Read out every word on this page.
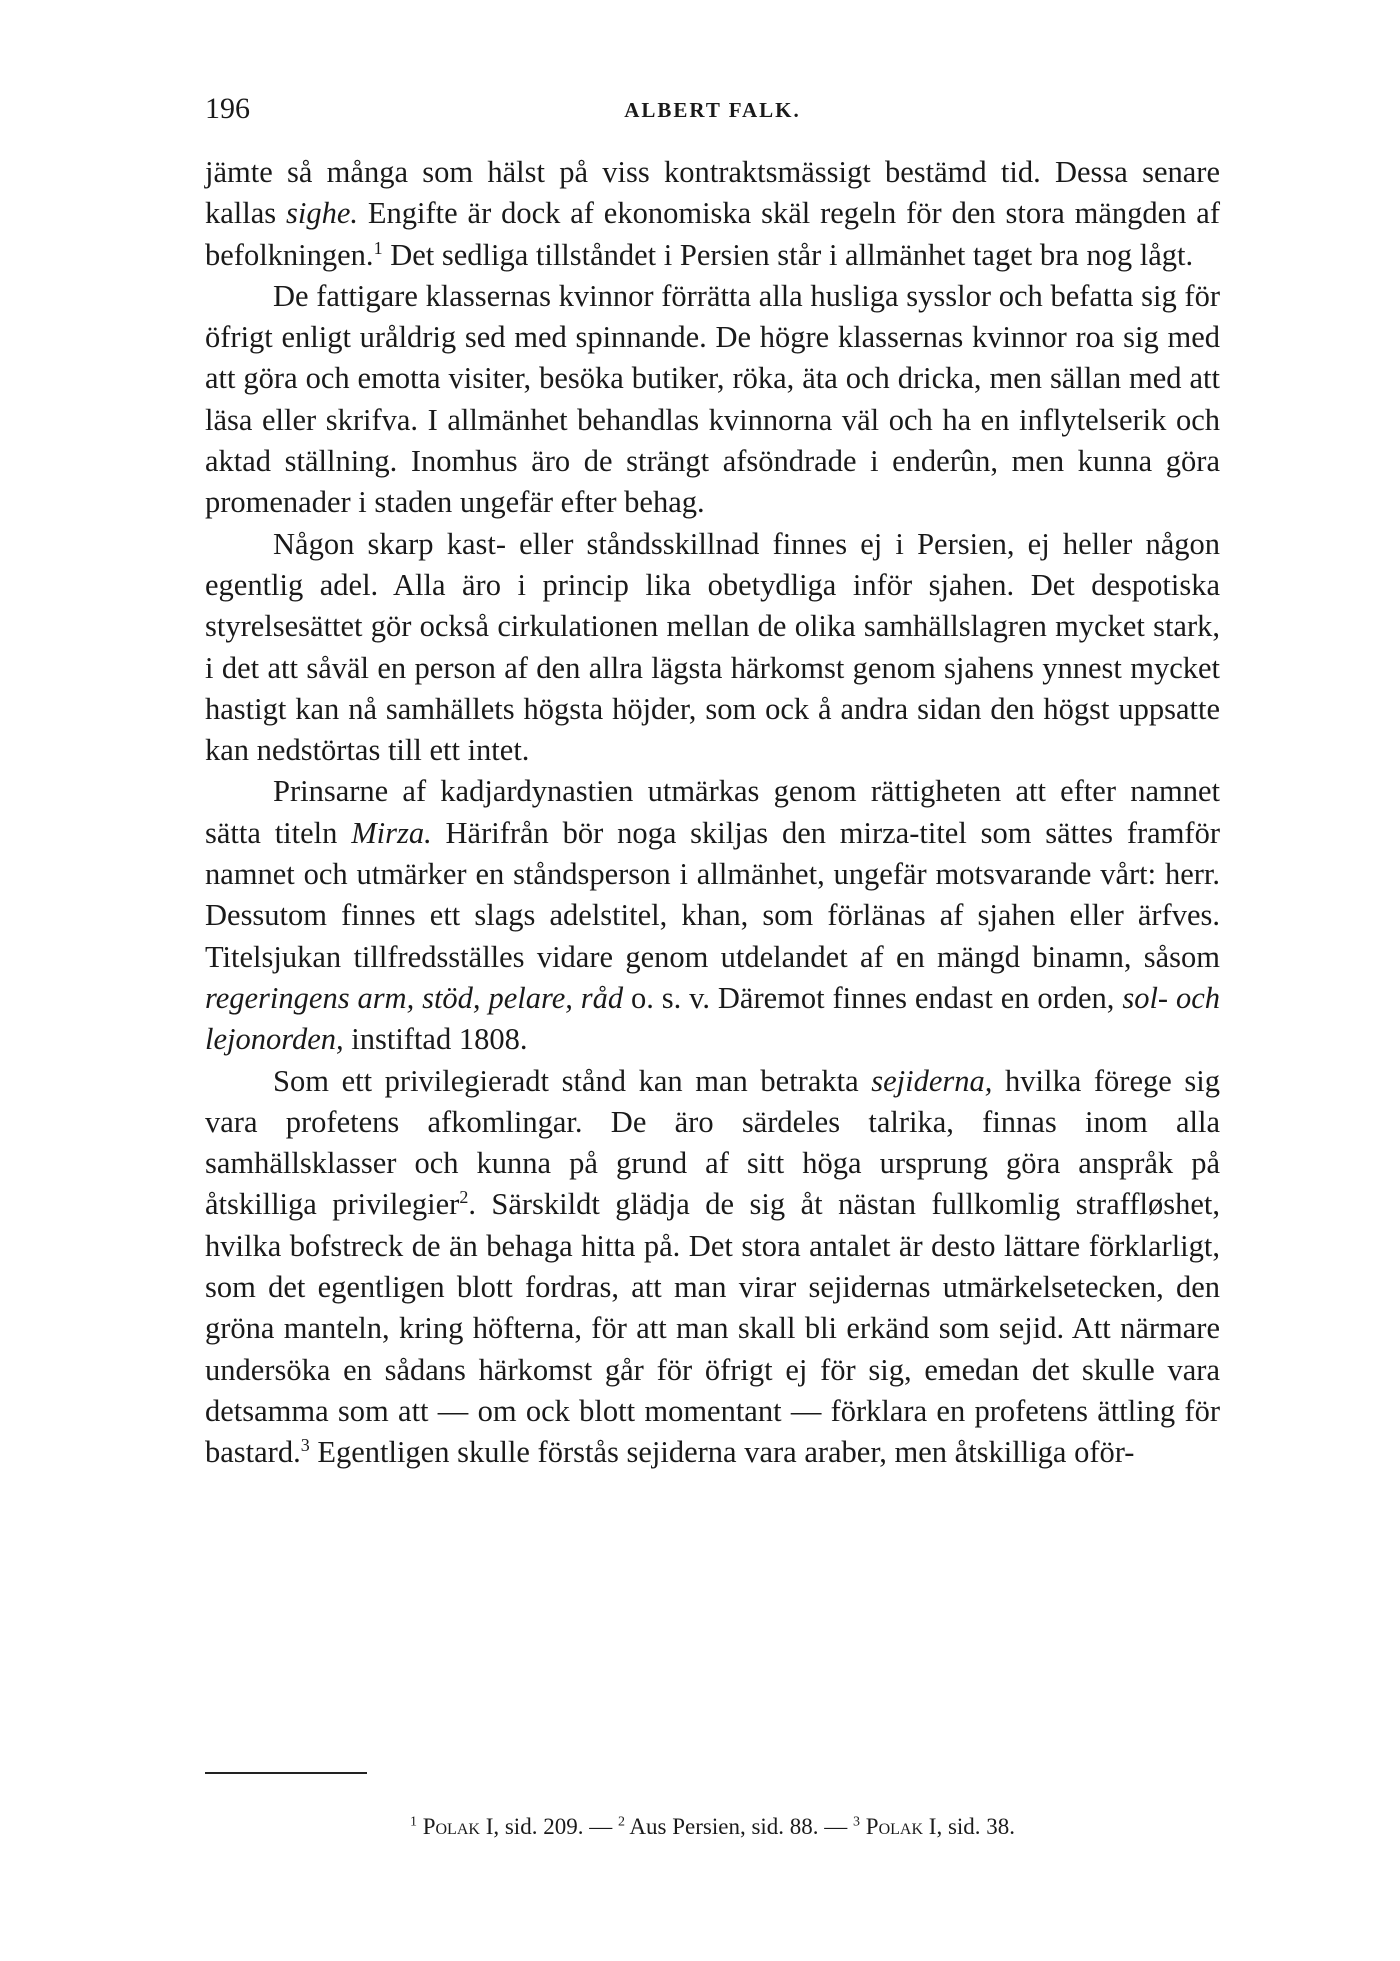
196	ALBERT FALK.

jämte så många som hälst på viss kontraktsmässigt bestämd tid. Dessa senare kallas sighe. Engifte är dock af ekonomiska skäl regeln för den stora mängden af befolkningen.$^1$ Det sedliga tillståndet i Persien står i allmänhet taget bra nog lågt.

De fattigare klassernas kvinnor förrätta alla husliga sysslor och befatta sig för öfrigt enligt uråldrig sed med spinnande. De högre klassernas kvinnor roa sig med att göra och emotta visiter, besöka butiker, röka, äta och dricka, men sällan med att läsa eller skrifva. I allmänhet behandlas kvinnorna väl och ha en inflytelserik och aktad ställning. Inomhus äro de strängt afsöndrade i enderûn, men kunna göra promenader i staden ungefär efter behag.

Någon skarp kast- eller ståndsskillnad finnes ej i Persien, ej heller någon egentlig adel. Alla äro i princip lika obetydliga inför sjahen. Det despotiska styrelsesättet gör också cirkulationen mellan de olika samhällslagren mycket stark, i det att såväl en person af den allra lägsta härkomst genom sjahens ynnest mycket hastigt kan nå samhällets högsta höjder, som ock å andra sidan den högst uppsatte kan nedstörtas till ett intet.

Prinsarne af kadjardynastien utmärkas genom rättigheten att efter namnet sätta titeln Mirza. Härifrån bör noga skiljas den mirza-titel som sättes framför namnet och utmärker en ståndsperson i allmänhet, ungefär motsvarande vårt: herr. Dessutom finnes ett slags adelstitel, khan, som förlänas af sjahen eller ärfves. Titelsjukan tillfredsställes vidare genom utdelandet af en mängd binamn, såsom regeringens arm, stöd, pelare, råd o. s. v. Däremot finnes endast en orden, sol- och lejonorden, instiftad 1808.

Som ett privilegieradt stånd kan man betrakta sejiderna, hvilka förege sig vara profetens afkomlingar. De äro särdeles talrika, finnas inom alla samhällsklasser och kunna på grund af sitt höga ursprung göra anspråk på åtskilliga privilegier$^2$. Särskildt glädja de sig åt nästan fullkomlig straffløshet, hvilka bofstreck de än behaga hitta på. Det stora antalet är desto lättare förklarligt, som det egentligen blott fordras, att man virar sejidernas utmärkelsetecken, den gröna manteln, kring höfterna, för att man skall bli erkänd som sejid. Att närmare undersöka en sådans härkomst går för öfrigt ej för sig, emedan det skulle vara detsamma som att — om ock blott momentant — förklara en profetens ättling för bastard.$^3$ Egentligen skulle förstås sejiderna vara araber, men åtskilliga oför-

$^1$ Polak I, sid. 209. — $^2$ Aus Persien, sid. 88. — $^3$ Polak I, sid. 38.
